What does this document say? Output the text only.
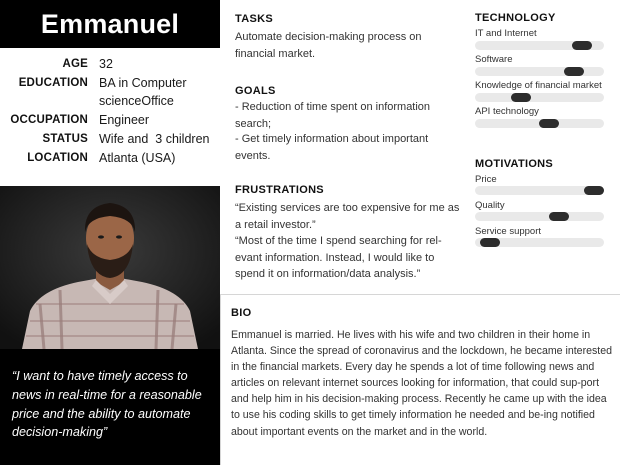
Emmanuel
AGE 32
EDUCATION BA in Computer scienceOffice
OCCUPATION Engineer
STATUS Wife and  3 children
LOCATION Atlanta (USA)

“I want to have timely access to news in real-time for a reasonable price and the ability to automate decision-making”

TASKS
Automate decision-making process on financial market.
GOALS
- Reduction of time spent on information search;
- Get timely information about important events.
FRUSTRATIONS
“Existing services are too expensive for me as a retail investor.”
“Most of the time I spend searching for rel-evant information. Instead, I would like to spend it on information/data analysis.”
TECHNOLOGY
IT and Internet
Software
Knowledge of financial market
API technology
MOTIVATIONS
Price
Quality
Service support
BIO
Emmanuel is married. He lives with his wife and two children in their home in Atlanta. Since the spread of coronavirus and the lockdown, he became interested in the financial markets. Every day he spends a lot of time following news and articles on relevant internet sources looking for information, that could sup-port and help him in his decision-making process. Recently he came up with the idea to use his coding skills to get timely information he needed and be-ing notified about important events on the market and in the world.
